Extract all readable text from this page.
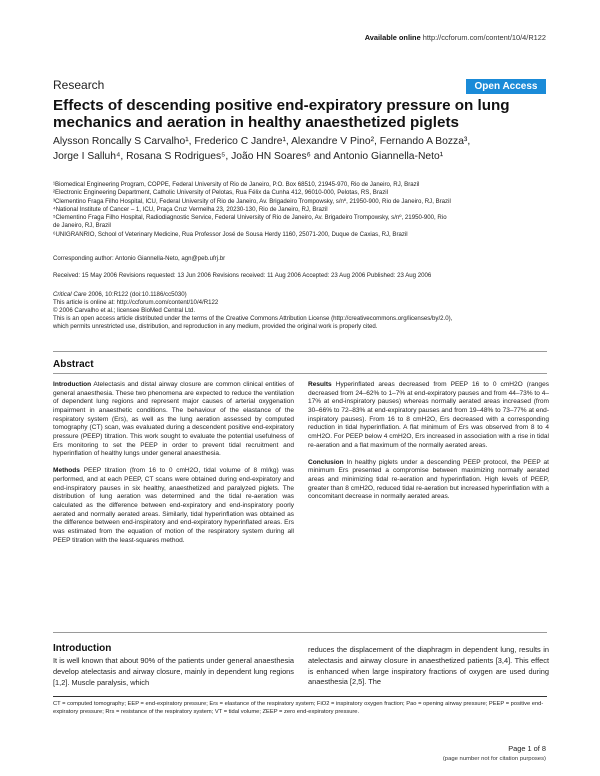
Available online http://ccforum.com/content/10/4/R122
Research	Open Access
Effects of descending positive end-expiratory pressure on lung mechanics and aeration in healthy anaesthetized piglets
Alysson Roncally S Carvalho¹, Frederico C Jandre¹, Alexandre V Pino², Fernando A Bozza³,
Jorge I Salluh⁴, Rosana S Rodrigues⁵, João HN Soares⁶ and Antonio Giannella-Neto¹
¹Biomedical Engineering Program, COPPE, Federal University of Rio de Janeiro, P.O. Box 68510, 21945-970, Rio de Janeiro, RJ, Brazil
²Electronic Engineering Department, Catholic University of Pelotas, Rua Félix da Cunha 412, 96010-000, Pelotas, RS, Brazil
³Clementino Fraga Filho Hospital, ICU, Federal University of Rio de Janeiro, Av. Brigadeiro Trompowsky, s/nº, 21950-900, Rio de Janeiro, RJ, Brazil
⁴National Institute of Cancer – 1, ICU, Praça Cruz Vermelha 23, 20230-130, Rio de Janeiro, RJ, Brazil
⁵Clementino Fraga Filho Hospital, Radiodiagnostic Service, Federal University of Rio de Janeiro, Av. Brigadeiro Trompowsky, s/nº, 21950-900, Rio
de Janeiro, RJ, Brazil
⁶UNIGRANRIO, School of Veterinary Medicine, Rua Professor José de Sousa Herdy 1160, 25071-200, Duque de Caxias, RJ, Brazil
Corresponding author: Antonio Giannella-Neto, agn@peb.ufrj.br
Received: 15 May 2006 Revisions requested: 13 Jun 2006 Revisions received: 11 Aug 2006 Accepted: 23 Aug 2006 Published: 23 Aug 2006
Critical Care 2006, 10:R122 (doi:10.1186/cc5030)
This article is online at: http://ccforum.com/content/10/4/R122
© 2006 Carvalho et al.; licensee BioMed Central Ltd.
This is an open access article distributed under the terms of the Creative Commons Attribution License (http://creativecommons.org/licenses/by/2.0),
which permits unrestricted use, distribution, and reproduction in any medium, provided the original work is properly cited.
Abstract

Introduction Atelectasis and distal airway closure are common clinical entities of general anaesthesia. These two phenomena are expected to reduce the ventilation of dependent lung regions and represent major causes of arterial oxygenation impairment in anaesthetic conditions. The behaviour of the elastance of the respiratory system (Ers), as well as the lung aeration assessed by computed tomography (CT) scan, was evaluated during a descendent positive end-expiratory pressure (PEEP) titration. This work sought to evaluate the potential usefulness of Ers monitoring to set the PEEP in order to prevent tidal recruitment and hyperinflation of healthy lungs under general anaesthesia.

Methods PEEP titration (from 16 to 0 cmH2O, tidal volume of 8 ml/kg) was performed, and at each PEEP, CT scans were obtained during end-expiratory and end-inspiratory pauses in six healthy, anaesthetized and paralyzed piglets. The distribution of lung aeration was determined and the tidal re-aeration was calculated as the difference between end-expiratory and end-inspiratory poorly aerated and normally aerated areas. Similarly, tidal hyperinflation was obtained as the difference between end-inspiratory and end-expiratory hyperinflated areas. Ers was estimated from the equation of motion of the respiratory system during all PEEP titration with the least-squares method.

Results Hyperinflated areas decreased from PEEP 16 to 0 cmH2O (ranges decreased from 24–62% to 1–7% at end-expiratory pauses and from 44–73% to 4–17% at end-inspiratory pauses) whereas normally aerated areas increased (from 30–66% to 72–83% at end-expiratory pauses and from 19–48% to 73–77% at end-inspiratory pauses). From 16 to 8 cmH2O, Ers decreased with a corresponding reduction in tidal hyperinflation. A flat minimum of Ers was observed from 8 to 4 cmH2O. For PEEP below 4 cmH2O, Ers increased in association with a rise in tidal re-aeration and a flat maximum of the normally aerated areas.

Conclusion In healthy piglets under a descending PEEP protocol, the PEEP at minimum Ers presented a compromise between maximizing normally aerated areas and minimizing tidal re-aeration and hyperinflation. High levels of PEEP, greater than 8 cmH2O, reduced tidal re-aeration but increased hyperinflation with a concomitant decrease in normally aerated areas.

Introduction
It is well known that about 90% of the patients under general anaesthesia develop atelectasis and airway closure, mainly in dependent lung regions [1,2]. Muscle paralysis, which
reduces the displacement of the diaphragm in dependent lung, results in atelectasis and airway closure in anaesthetized patients [3,4]. This effect is enhanced when large inspiratory fractions of oxygen are used during anaesthesia [2,5]. The
CT = computed tomography; EEP = end-expiratory pressure; Ers = elastance of the respiratory system; FiO2 = inspiratory oxygen fraction; Pao = opening airway pressure; PEEP = positive end-expiratory pressure; Rrs = resistance of the respiratory system; VT = tidal volume; ZEEP = zero end-expiratory pressure.
Page 1 of 8
(page number not for citation purposes)
